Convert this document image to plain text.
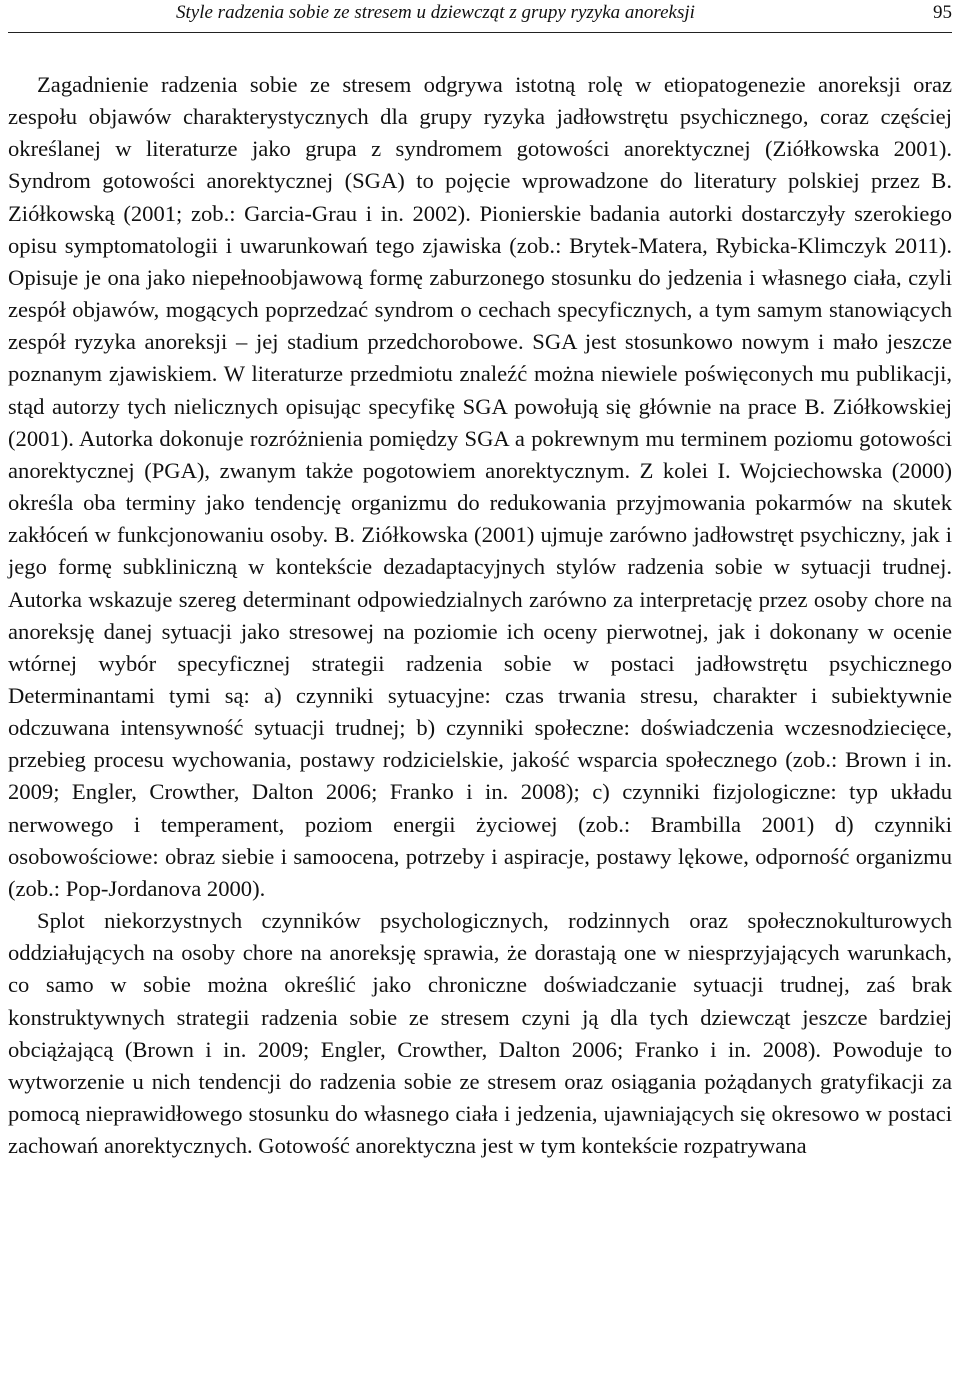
Style radzenia sobie ze stresem u dziewcząt z grupy ryzyka anoreksji	95

Zagadnienie radzenia sobie ze stresem odgrywa istotną rolę w etiopatogenezie anoreksji oraz zespołu objawów charakterystycznych dla grupy ryzyka jadłowstrętu psychicznego, coraz częściej określanej w literaturze jako grupa z syndromem gotowości anorektycznej (Ziółkowska 2001). Syndrom gotowości anorektycznej (SGA) to pojęcie wprowadzone do literatury polskiej przez B. Ziółkowską (2001; zob.: Garcia-Grau i in. 2002). Pionierskie badania autorki dostarczyły szerokiego opisu symptomatologii i uwarunkowań tego zjawiska (zob.: Brytek-Matera, Rybicka-Klimczyk 2011). Opisuje je ona jako niepełnoobjawową formę zaburzonego stosunku do jedzenia i własnego ciała, czyli zespół objawów, mogących poprzedzać syndrom o cechach specyficznych, a tym samym stanowiących zespół ryzyka anoreksji – jej stadium przedchorobowe. SGA jest stosunkowo nowym i mało jeszcze poznanym zjawiskiem. W literaturze przedmiotu znaleźć można niewiele poświęconych mu publikacji, stąd autorzy tych nielicznych opisując specyfikę SGA powołują się głównie na prace B. Ziółkowskiej (2001). Autorka dokonuje rozróżnienia pomiędzy SGA a pokrewnym mu terminem poziomu gotowości anorektycznej (PGA), zwanym także pogotowiem anorektycznym. Z kolei I. Wojciechowska (2000) określa oba terminy jako tendencję organizmu do redukowania przyjmowania pokarmów na skutek zakłóceń w funkcjonowaniu osoby. B. Ziółkowska (2001) ujmuje zarówno jadłowstręt psychiczny, jak i jego formę subkliniczną w kontekście dezadaptacyjnych stylów radzenia sobie w sytuacji trudnej. Autorka wskazuje szereg determinant odpowiedzialnych zarówno za interpretację przez osoby chore na anoreksję danej sytuacji jako stresowej na poziomie ich oceny pierwotnej, jak i dokonany w ocenie wtórnej wybór specyficznej strategii radzenia sobie w postaci jadłowstrętu psychicznego Determinantami tymi są: a) czynniki sytuacyjne: czas trwania stresu, charakter i subiektywnie odczuwana intensywność sytuacji trudnej; b) czynniki społeczne: doświadczenia wczesnodziecięce, przebieg procesu wychowania, postawy rodzicielskie, jakość wsparcia społecznego (zob.: Brown i in. 2009; Engler, Crowther, Dalton 2006; Franko i in. 2008); c) czynniki fizjologiczne: typ układu nerwowego i temperament, poziom energii życiowej (zob.: Brambilla 2001) d) czynniki osobowościowe: obraz siebie i samoocena, potrzeby i aspiracje, postawy lękowe, odporność organizmu (zob.: Pop-Jordanova 2000).

Splot niekorzystnych czynników psychologicznych, rodzinnych oraz społecznokulturowych oddziałujących na osoby chore na anoreksję sprawia, że dorastają one w niesprzyjających warunkach, co samo w sobie można określić jako chroniczne doświadczanie sytuacji trudnej, zaś brak konstruktywnych strategii radzenia sobie ze stresem czyni ją dla tych dziewcząt jeszcze bardziej obciążającą (Brown i in. 2009; Engler, Crowther, Dalton 2006; Franko i in. 2008). Powoduje to wytworzenie u nich tendencji do radzenia sobie ze stresem oraz osiągania pożądanych gratyfikacji za pomocą nieprawidłowego stosunku do własnego ciała i jedzenia, ujawniających się okresowo w postaci zachowań anorektycznych. Gotowość anorektyczna jest w tym kontekście rozpatrywana
